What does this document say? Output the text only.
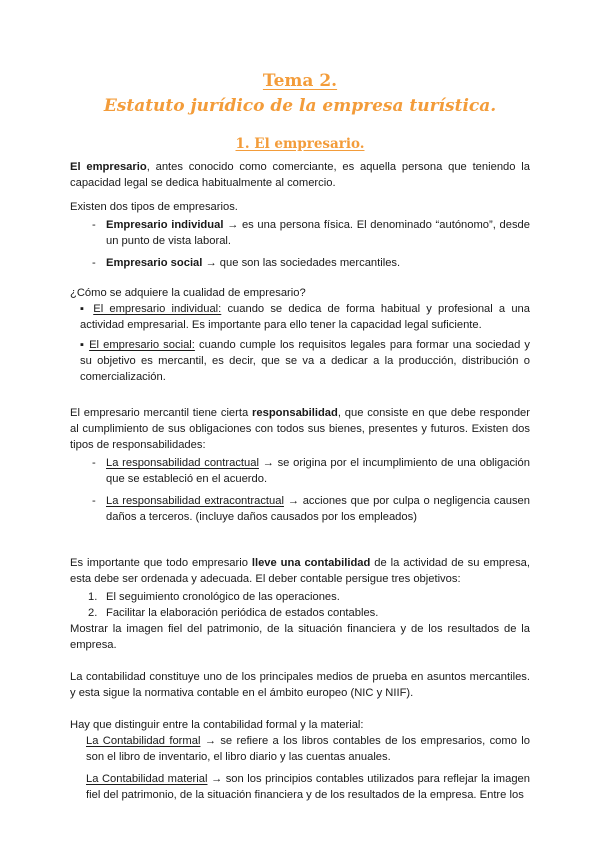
Tema 2.
Estatuto jurídico de la empresa turística.
1. El empresario.

El empresario, antes conocido como comerciante, es aquella persona que teniendo la capacidad legal se dedica habitualmente al comercio.

Existen dos tipos de empresarios.

- Empresario individual → es una persona física. El denominado “autónomo”, desde un punto de vista laboral.
- Empresario social → que son las sociedades mercantiles.

¿Cómo se adquiere la cualidad de empresario?

▪ El empresario individual: cuando se dedica de forma habitual y profesional a una actividad empresarial. Es importante para ello tener la capacidad legal suficiente.
▪ El empresario social: cuando cumple los requisitos legales para formar una sociedad y su objetivo es mercantil, es decir, que se va a dedicar a la producción, distribución o comercialización.

El empresario mercantil tiene cierta responsabilidad, que consiste en que debe responder al cumplimiento de sus obligaciones con todos sus bienes, presentes y futuros. Existen dos tipos de responsabilidades:

- La responsabilidad contractual → se origina por el incumplimiento de una obligación que se estableció en el acuerdo.
- La responsabilidad extracontractual → acciones que por culpa o negligencia causen daños a terceros. (incluye daños causados por los empleados)

Es importante que todo empresario lleve una contabilidad de la actividad de su empresa, esta debe ser ordenada y adecuada. El deber contable persigue tres objetivos:

1. El seguimiento cronológico de las operaciones.
2. Facilitar la elaboración periódica de estados contables.

Mostrar la imagen fiel del patrimonio, de la situación financiera y de los resultados de la empresa.

La contabilidad constituye uno de los principales medios de prueba en asuntos mercantiles. y esta sigue la normativa contable en el ámbito europeo (NIC y NIIF).

Hay que distinguir entre la contabilidad formal y la material:

La Contabilidad formal → se refiere a los libros contables de los empresarios, como lo son el libro de inventario, el libro diario y las cuentas anuales.
La Contabilidad material → son los principios contables utilizados para reflejar la imagen fiel del patrimonio, de la situación financiera y de los resultados de la empresa. Entre los
